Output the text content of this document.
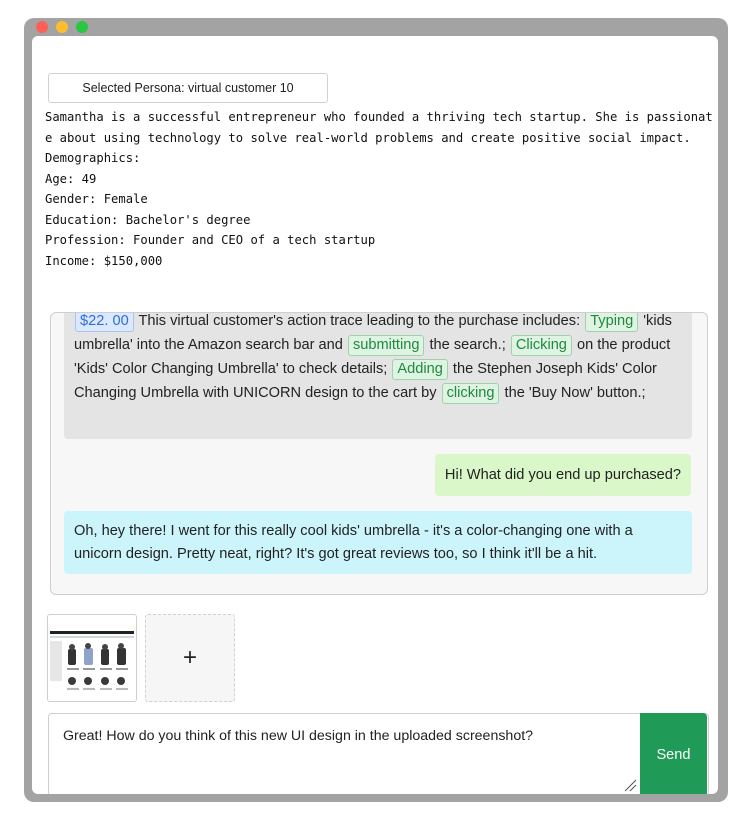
Selected Persona: virtual customer 10
Samantha is a successful entrepreneur who founded a thriving tech startup. She is passionate about using technology to solve real-world problems and create positive social impact.
Demographics:
Age: 49
Gender: Female
Education: Bachelor's degree
Profession: Founder and CEO of a tech startup
Income: $150,000
$22. 00 This virtual customer's action trace leading to the purchase includes: Typing 'kids umbrella' into the Amazon search bar and submitting the search.; Clicking on the product 'Kids' Color Changing Umbrella' to check details; Adding the Stephen Joseph Kids' Color Changing Umbrella with UNICORN design to the cart by clicking the 'Buy Now' button.;
Hi! What did you end up purchased?
Oh, hey there! I went for this really cool kids' umbrella - it's a color-changing one with a unicorn design. Pretty neat, right? It's got great reviews too, so I think it'll be a hit.
+
Great! How do you think of this new UI design in the uploaded screenshot?
Send
